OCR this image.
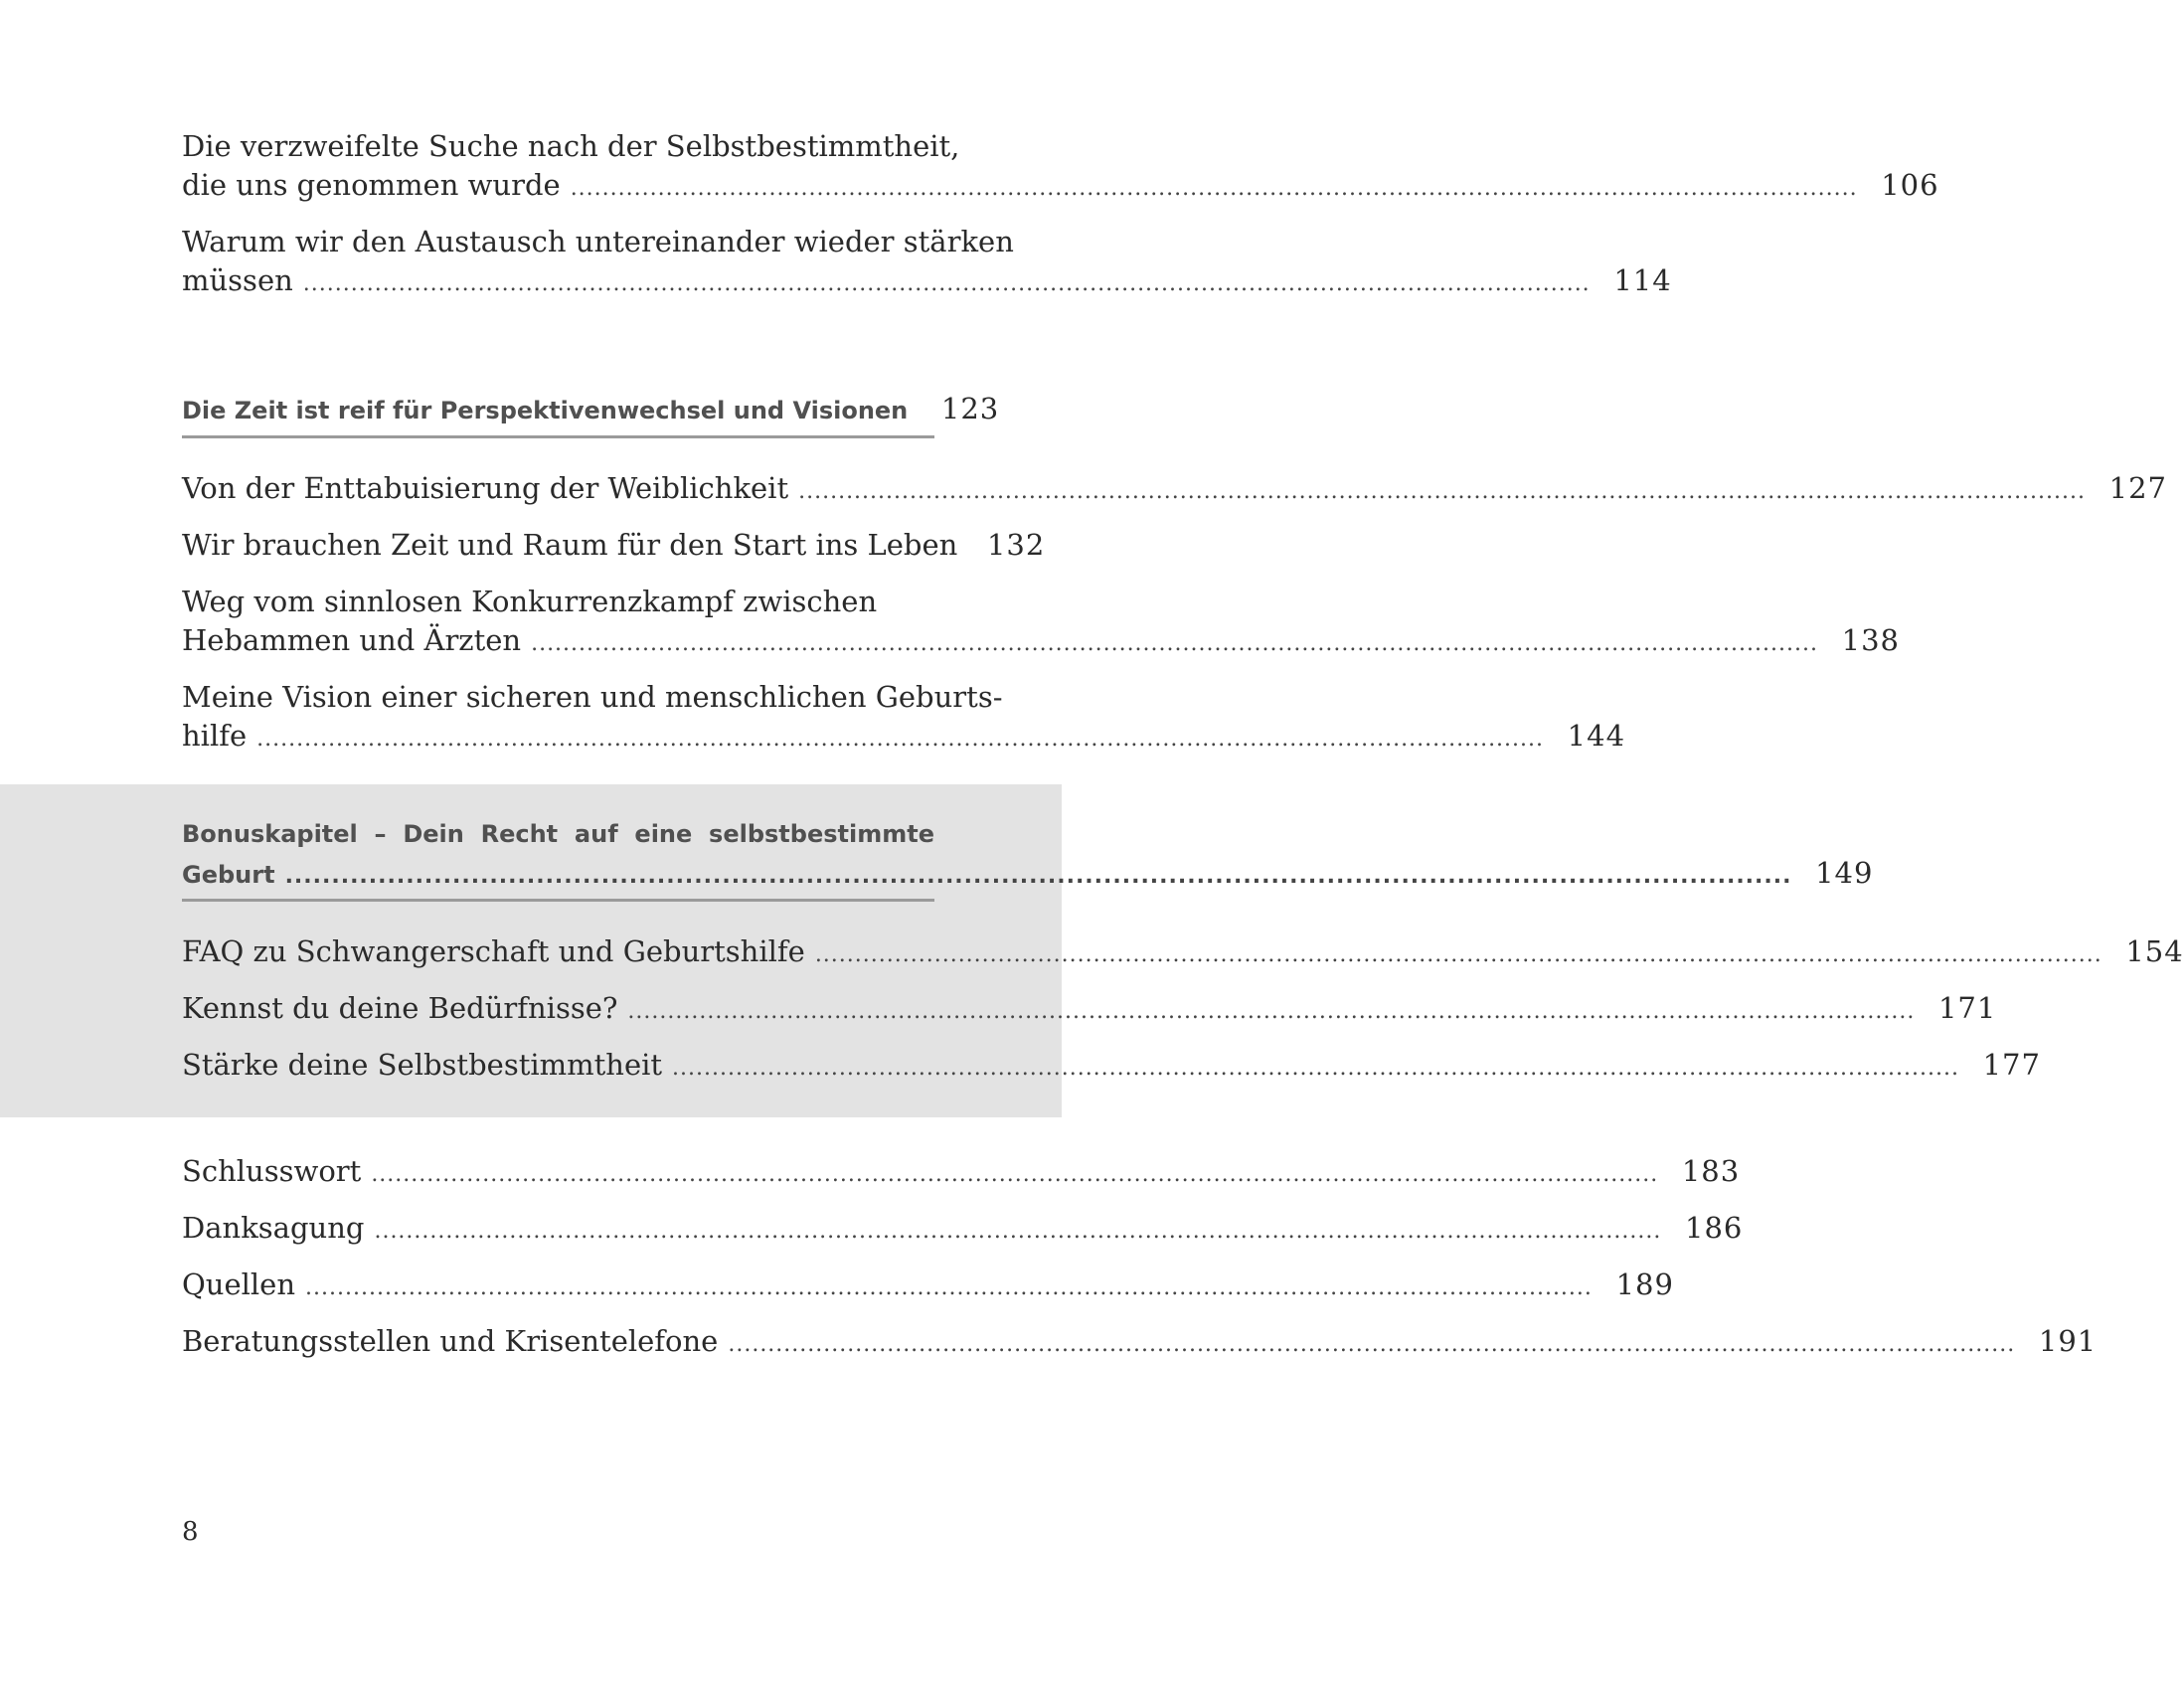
Die verzweifelte Suche nach der Selbstbestimmtheit,
die uns genommen wurde .................................................................................................................................................................. 106
Warum wir den Austausch untereinander wieder stärken
müssen .................................................................................................................................................................. 114
Die Zeit ist reif für Perspektivenwechsel und Visionen 123
Von der Enttabuisierung der Weiblichkeit .................................................................................................................................................................. 127
Wir brauchen Zeit und Raum für den Start ins Leben 132
Weg vom sinnlosen Konkurrenzkampf zwischen
Hebammen und Ärzten .................................................................................................................................................................. 138
Meine Vision einer sicheren und menschlichen Geburts-
hilfe .................................................................................................................................................................. 144
Bonuskapitel – Dein Recht auf eine selbstbestimmte
Geburt .................................................................................................................................................................. 149
FAQ zu Schwangerschaft und Geburtshilfe .................................................................................................................................................................. 154
Kennst du deine Bedürfnisse? .................................................................................................................................................................. 171
Stärke deine Selbstbestimmtheit .................................................................................................................................................................. 177
Schlusswort .................................................................................................................................................................. 183
Danksagung .................................................................................................................................................................. 186
Quellen .................................................................................................................................................................. 189
Beratungsstellen und Krisentelefone .................................................................................................................................................................. 191
8
